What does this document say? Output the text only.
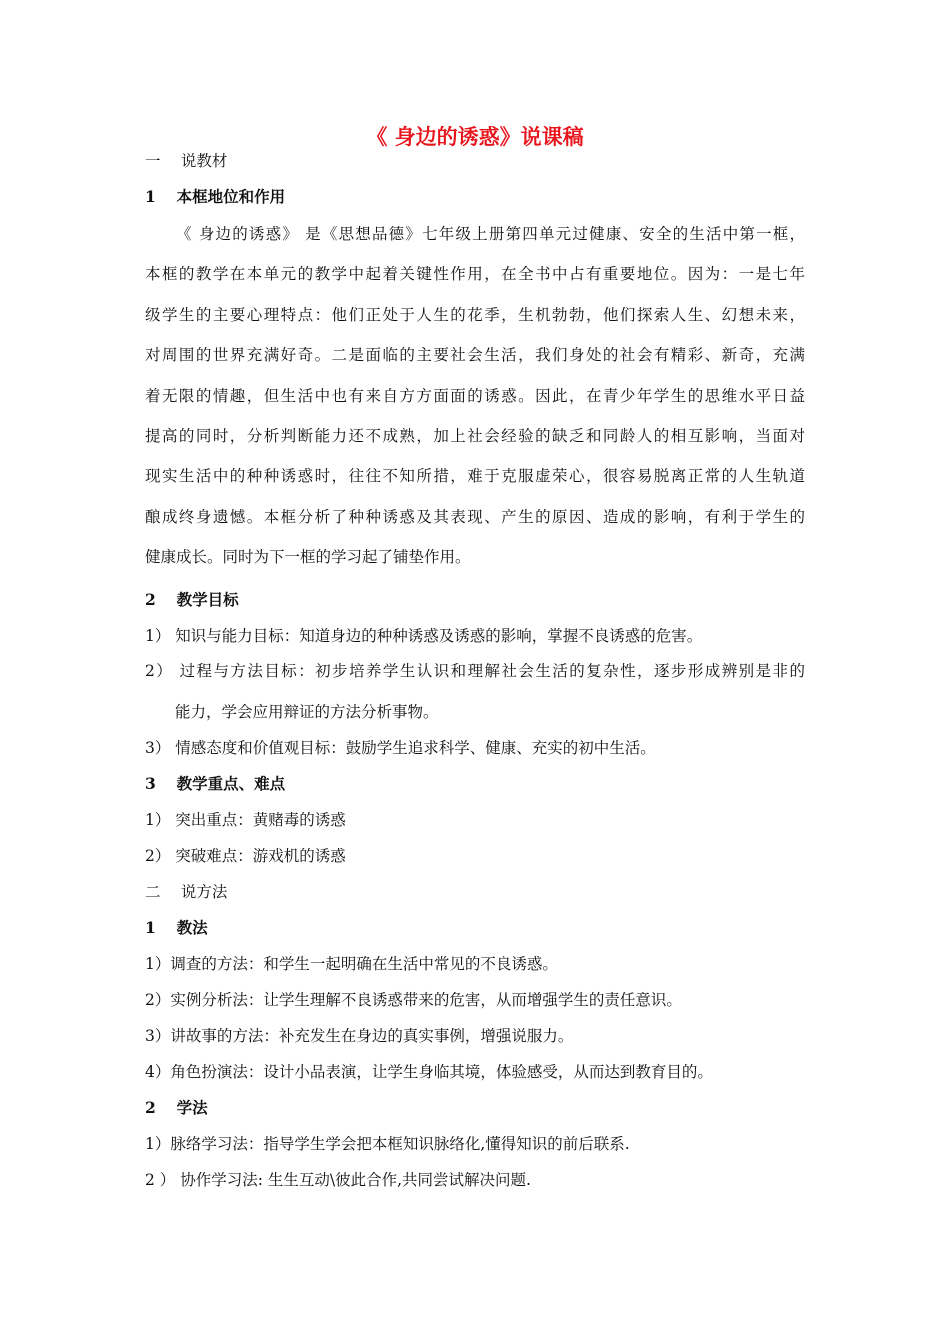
《 身边的诱惑》说课稿

一　 说教材

1　 本框地位和作用

《 身边的诱惑》 是《思想品德》七年级上册第四单元过健康、安全的生活中第一框，
本框的教学在本单元的教学中起着关键性作用，在全书中占有重要地位。因为：一是七年
级学生的主要心理特点：他们正处于人生的花季，生机勃勃，他们探索人生、幻想未来，
对周围的世界充满好奇。二是面临的主要社会生活，我们身处的社会有精彩、新奇，充满
着无限的情趣，但生活中也有来自方方面面的诱惑。因此，在青少年学生的思维水平日益
提高的同时，分析判断能力还不成熟，加上社会经验的缺乏和同龄人的相互影响，当面对
现实生活中的种种诱惑时，往往不知所措，难于克服虚荣心，很容易脱离正常的人生轨道
酿成终身遗憾。本框分析了种种诱惑及其表现、产生的原因、造成的影响，有利于学生的
健康成长。同时为下一框的学习起了铺垫作用。

2　 教学目标

1） 知识与能力目标：知道身边的种种诱惑及诱惑的影响，掌握不良诱惑的危害。

2） 过程与方法目标：初步培养学生认识和理解社会生活的复杂性，逐步形成辨别是非的

能力，学会应用辩证的方法分析事物。

3） 情感态度和价值观目标：鼓励学生追求科学、健康、充实的初中生活。

3　 教学重点、难点

1） 突出重点：黄赌毒的诱惑

2） 突破难点：游戏机的诱惑

二　 说方法

1　 教法

1）调查的方法：和学生一起明确在生活中常见的不良诱惑。

2）实例分析法：让学生理解不良诱惑带来的危害，从而增强学生的责任意识。

3）讲故事的方法：补充发生在身边的真实事例，增强说服力。

4）角色扮演法：设计小品表演，让学生身临其境，体验感受，从而达到教育目的。

2　 学法

1）脉络学习法：指导学生学会把本框知识脉络化,懂得知识的前后联系.

2 ） 协作学习法: 生生互动\彼此合作,共同尝试解决问题.
